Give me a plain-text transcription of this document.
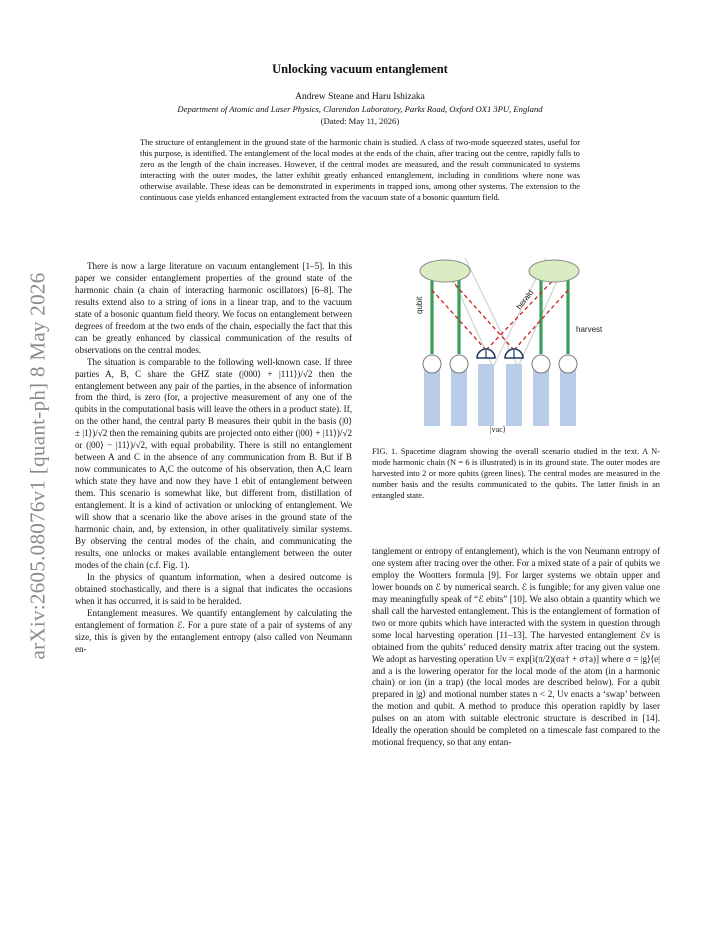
arXiv:2605.08076v1 [quant-ph] 8 May 2026
Unlocking vacuum entanglement
Andrew Steane and Haru Ishizaka
Department of Atomic and Laser Physics, Clarendon Laboratory, Parks Road, Oxford OX1 3PU, England
(Dated: May 11, 2026)
The structure of entanglement in the ground state of the harmonic chain is studied. A class of two-mode squeezed states, useful for this purpose, is identified. The entanglement of the local modes at the ends of the chain, after tracing out the centre, rapidly falls to zero as the length of the chain increases. However, if the central modes are measured, and the result communicated to systems interacting with the outer modes, the latter exhibit greatly enhanced entanglement, including in conditions where none was otherwise available. These ideas can be demonstrated in experiments in trapped ions, among other systems. The extension to the continuous case yields enhanced entanglement extracted from the vacuum state of a bosonic quantum field.

There is now a large literature on vacuum entanglement [1–5]. In this paper we consider entanglement properties of the ground state of the harmonic chain (a chain of interacting harmonic oscillators) [6–8]. The results extend also to a string of ions in a linear trap, and to the vacuum state of a bosonic quantum field theory. We focus on entanglement between degrees of freedom at the two ends of the chain, especially the fact that this can be greatly enhanced by classical communication of the results of observations on the central modes.

The situation is comparable to the following well-known case. If three parties A, B, C share the GHZ state (|000⟩ + |111⟩)/√2 then the entanglement between any pair of the parties, in the absence of information from the third, is zero (for, a projective measurement of any one of the qubits in the computational basis will leave the others in a product state). If, on the other hand, the central party B measures their qubit in the basis (|0⟩ ± |1⟩)/√2 then the remaining qubits are projected onto either (|00⟩ + |11⟩)/√2 or (|00⟩ − |11⟩)/√2, with equal probability. There is still no entanglement between A and C in the absence of any communication from B. But if B now communicates to A,C the outcome of his observation, then A,C learn which state they have and now they have 1 ebit of entanglement between them. This scenario is somewhat like, but different from, distillation of entanglement. It is a kind of activation or unlocking of entanglement. We will show that a scenario like the above arises in the ground state of the harmonic chain, and, by extension, in other qualitatively similar systems. By observing the central modes of the chain, and communicating the results, one unlocks or makes available entanglement between the outer modes of the chain (c.f. Fig. 1).

In the physics of quantum information, when a desired outcome is obtained stochastically, and there is a signal that indicates the occasions when it has occurred, it is said to be heralded.

Entanglement measures. We quantify entanglement by calculating the entanglement of formation ℰ. For a pure state of a pair of systems of any size, this is given by the entanglement entropy (also called von Neumann en-

qubit	herald
harvest
|vac⟩
FIG. 1. Spacetime diagram showing the overall scenario studied in the text. A N-mode harmonic chain (N = 6 is illustrated) is in its ground state. The outer modes are harvested into 2 or more qubits (green lines). The central modes are measured in the number basis and the results communicated to the qubits. The latter finish in an entangled state.

tanglement or entropy of entanglement), which is the von Neumann entropy of one system after tracing over the other. For a mixed state of a pair of qubits we employ the Wootters formula [9]. For larger systems we obtain upper and lower bounds on ℰ by numerical search. ℰ is fungible; for any given value one may meaningfully speak of “ℰ ebits” [10]. We also obtain a quantity which we shall call the harvested entanglement. This is the entanglement of formation of two or more qubits which have interacted with the system in question through some local harvesting operation [11–13]. The harvested entanglement ℰv is obtained from the qubits’ reduced density matrix after tracing out the system. We adopt as harvesting operation Uv = exp[i(π/2)(σa† + σ†a)] where σ = |g⟩⟨e| and a is the lowering operator for the local mode of the atom (in a harmonic chain) or ion (in a trap) (the local modes are described below). For a qubit prepared in |g⟩ and motional number states n < 2, Uv enacts a ‘swap’ between the motion and qubit. A method to produce this operation rapidly by laser pulses on an atom with suitable electronic structure is described in [14]. Ideally the operation should be completed on a timescale fast compared to the motional frequency, so that any entan-
